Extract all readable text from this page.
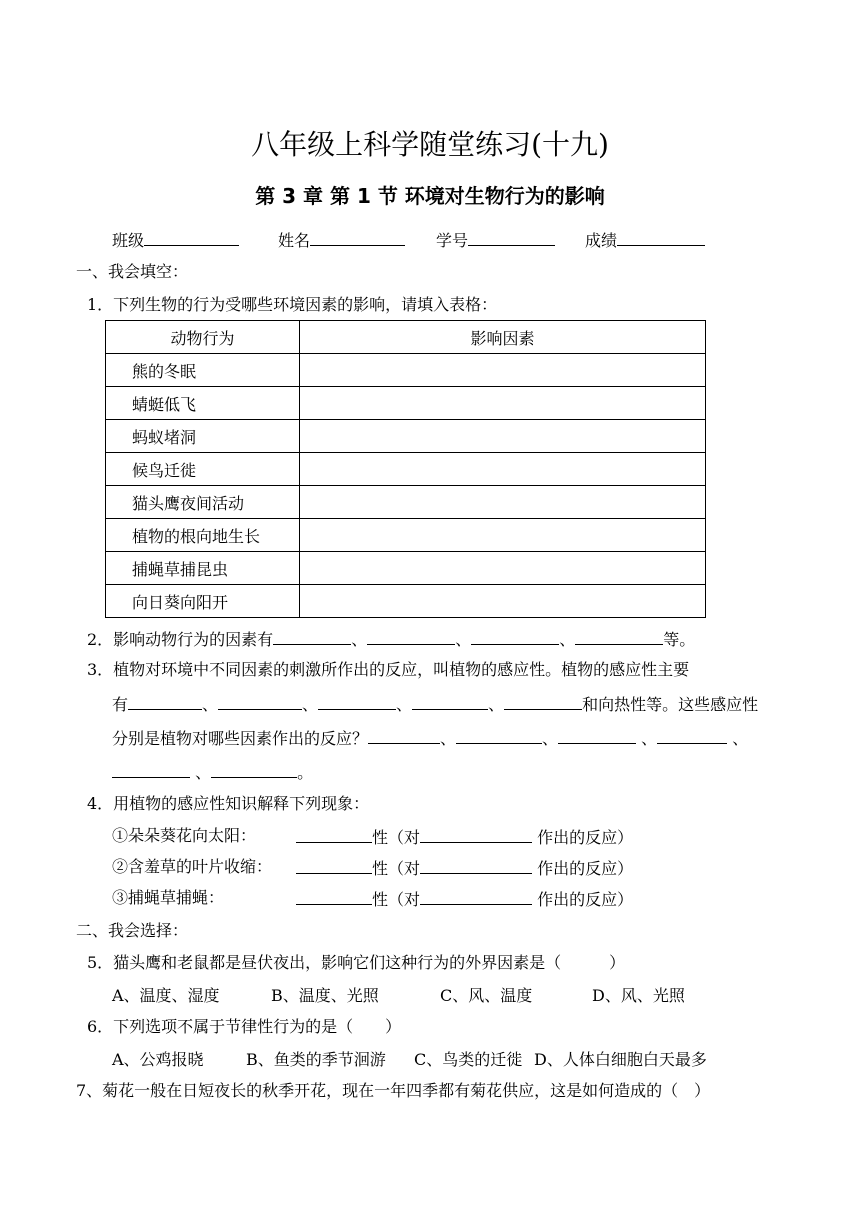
八年级上科学随堂练习(十九)
第 3 章 第 1 节 环境对生物行为的影响
班级	姓名	学号	成绩
一、我会填空：
1．下列生物的行为受哪些环境因素的影响，请填入表格：
动物行为	影响因素
熊的冬眠	
蜻蜓低飞	
蚂蚁堵洞	
候鸟迁徙	
猫头鹰夜间活动	
植物的根向地生长	
捕蝇草捕昆虫	
向日葵向阳开	
2．影响动物行为的因素有	、	、	、	等。
3．植物对环境中不同因素的刺激所作出的反应，叫植物的感应性。植物的感应性主要
有	、	、	、	、	和向热性等。这些感应性
分别是植物对哪些因素作出的反应？	、	、	、	、
、	。
4．用植物的感应性知识解释下列现象：
①朵朵葵花向太阳：	性（对	作出的反应）
②含羞草的叶片收缩：	性（对	作出的反应）
③捕蝇草捕蝇：	性（对	作出的反应）
二、我会选择：
5．猫头鹰和老鼠都是昼伏夜出，影响它们这种行为的外界因素是（　　　）
A、温度、湿度	B、温度、光照	C、风、温度	D、风、光照
6．下列选项不属于节律性行为的是（　　）
A、公鸡报晓	B、鱼类的季节洄游 C、鸟类的迁徙 D、人体白细胞白天最多
7、菊花一般在日短夜长的秋季开花，现在一年四季都有菊花供应，这是如何造成的（　）
